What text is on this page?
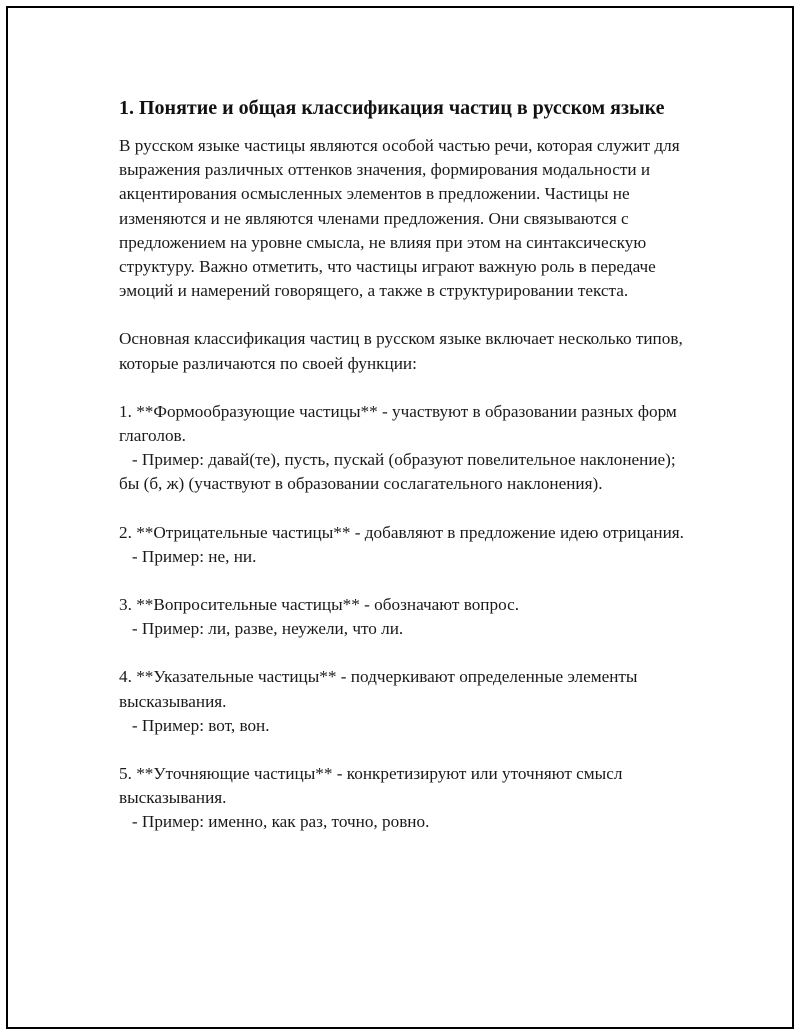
1. Понятие и общая классификация частиц в русском языке

В русском языке частицы являются особой частью речи, которая служит для выражения различных оттенков значения, формирования модальности и акцентирования осмысленных элементов в предложении. Частицы не изменяются и не являются членами предложения. Они связываются с предложением на уровне смысла, не влияя при этом на синтаксическую структуру. Важно отметить, что частицы играют важную роль в передаче эмоций и намерений говорящего, а также в структурировании текста.

Основная классификация частиц в русском языке включает несколько типов, которые различаются по своей функции:

1. **Формообразующие частицы** - участвуют в образовании разных форм глаголов.

- Пример: давай(те), пусть, пускай (образуют повелительное наклонение); бы (б, ж) (участвуют в образовании сослагательного наклонения).

2. **Отрицательные частицы** - добавляют в предложение идею отрицания.

- Пример: не, ни.

3. **Вопросительные частицы** - обозначают вопрос.

- Пример: ли, разве, неужели, что ли.

4. **Указательные частицы** - подчеркивают определенные элементы высказывания.

- Пример: вот, вон.

5. **Уточняющие частицы** - конкретизируют или уточняют смысл высказывания.

- Пример: именно, как раз, точно, ровно.
